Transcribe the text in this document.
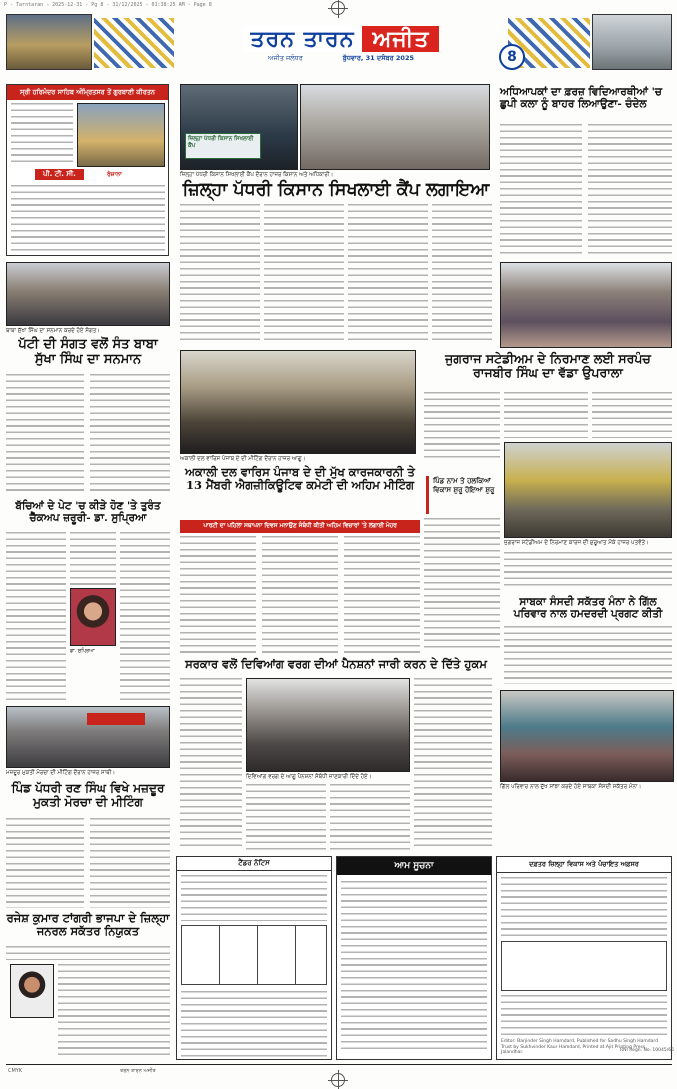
P - Tarntaran - 2025-12-31 - Pg 8 - 31/12/2025 - 01:38:25 AM - Page 8
ਤਰਨ ਤਾਰਨ ਅਜੀਤ
ਅਜੀਤ ਜਲੰਧਰ	ਬੁੱਧਵਾਰ, 31 ਦਸੰਬਰ 2025	8
ਸ੍ਰੀ ਹਰਿਮੰਦਰ ਸਾਹਿਬ ਅੰਮ੍ਰਿਤਸਰ ਤੋਂ ਗੁਰਬਾਣੀ ਕੀਰਤਨ
ਪੀ. ਟੀ. ਸੀ.	ਰੋਜ਼ਾਨਾ
ਜ਼ਿਲ੍ਹਾ ਪੱਧਰੀ ਕਿਸਾਨ ਸਿਖਲਾਈ ਕੈਂਪ
ਜ਼ਿਲ੍ਹਾ ਪੱਧਰੀ ਕਿਸਾਨ ਸਿਖਲਾਈ ਕੈਂਪ ਦੌਰਾਨ ਹਾਜ਼ਰ ਕਿਸਾਨ ਅਤੇ ਅਧਿਕਾਰੀ।
ਜ਼ਿਲ੍ਹਾ ਪੱਧਰੀ ਕਿਸਾਨ ਸਿਖਲਾਈ ਕੈਂਪ ਲਗਾਇਆ
ਅਧਿਆਪਕਾਂ ਦਾ ਫ਼ਰਜ਼ ਵਿਦਿਆਰਥੀਆਂ 'ਚ ਛੁਪੀ ਕਲਾ ਨੂੰ ਬਾਹਰ ਲਿਆਉਣਾ- ਚੰਦੇਲ
ਬਾਬਾ ਸੁੱਖਾ ਸਿੰਘ ਦਾ ਸਨਮਾਨ ਕਰਦੇ ਹੋਏ ਸੰਗਤ।
ਪੱਟੀ ਦੀ ਸੰਗਤ ਵਲੋਂ ਸੰਤ ਬਾਬਾ ਸੁੱਖਾ ਸਿੰਘ ਦਾ ਸਨਮਾਨ
ਬੱਚਿਆਂ ਦੇ ਪੇਟ 'ਚ ਕੀੜੇ ਹੋਣ 'ਤੇ ਤੁਰੰਤ ਚੈੱਕਅਪ ਜ਼ਰੂਰੀ- ਡਾ. ਸੁਪ੍ਰਿਆ
ਡਾ. ਸੁਪ੍ਰਿਆ
ਮਜ਼ਦੂਰ ਮੁਕਤੀ ਮੋਰਚਾ ਦੀ ਮੀਟਿੰਗ ਦੌਰਾਨ ਹਾਜ਼ਰ ਸਾਥੀ।
ਪਿੰਡ ਪੱਧਰੀ ਰਣ ਸਿੰਘ ਵਿਖੇ ਮਜ਼ਦੂਰ ਮੁਕਤੀ ਮੋਰਚਾ ਦੀ ਮੀਟਿੰਗ
ਰਜੇਸ਼ ਕੁਮਾਰ ਟਾਂਗਰੀ ਭਾਜਪਾ ਦੇ ਜ਼ਿਲ੍ਹਾ ਜਨਰਲ ਸਕੱਤਰ ਨਿਯੁਕਤ
ਅਕਾਲੀ ਦਲ ਵਾਰਿਸ ਪੰਜਾਬ ਦੇ ਦੀ ਮੀਟਿੰਗ ਦੌਰਾਨ ਹਾਜ਼ਰ ਆਗੂ।
ਅਕਾਲੀ ਦਲ ਵਾਰਿਸ ਪੰਜਾਬ ਦੇ ਦੀ ਮੁੱਖ ਕਾਰਜਕਾਰਨੀ ਤੇ 13 ਮੈਂਬਰੀ ਐਗਜ਼ੀਕਿਊਟਿਵ ਕਮੇਟੀ ਦੀ ਅਹਿਮ ਮੀਟਿੰਗ
ਪਾਰਟੀ ਦਾ ਪਹਿਲਾ ਸਥਾਪਨਾ ਦਿਵਸ ਮਨਾਉਣ ਸੰਬੰਧੀ ਕੀਤੀ ਅਹਿਮ ਵਿਚਾਰਾਂ 'ਤੇ ਲਗਾਈ ਮੋਹਰ
ਸਰਕਾਰ ਵਲੋਂ ਦਿਵਿਆਂਗ ਵਰਗ ਦੀਆਂ ਪੈਨਸ਼ਨਾਂ ਜਾਰੀ ਕਰਨ ਦੇ ਦਿੱਤੇ ਹੁਕਮ
ਦਿਵਿਆਂਗ ਵਰਗ ਦੇ ਆਗੂ ਪੈਨਸ਼ਨਾਂ ਸੰਬੰਧੀ ਜਾਣਕਾਰੀ ਦਿੰਦੇ ਹੋਏ।
ਜੁਗਰਾਜ ਸਟੇਡੀਅਮ ਦੇ ਨਿਰਮਾਣ ਲਈ ਸਰਪੰਚ ਰਾਜਬੀਰ ਸਿੰਘ ਦਾ ਵੱਡਾ ਉਪਰਾਲਾ
ਪਿੰਡ ਨਾਮ ਤੇ ਹਲਕਿਆਂ ਵਿਕਾਸ ਸ਼ੁਰੂ ਹੋਇਆ ਸ਼ੁਰੂ
ਜੁਗਰਾਜ ਸਟੇਡੀਅਮ ਦੇ ਨਿਰਮਾਣ ਕਾਰਜ ਦੀ ਸ਼ੁਰੂਆਤ ਮੌਕੇ ਹਾਜ਼ਰ ਪਤਵੰਤੇ।
ਸਾਬਕਾ ਸੰਸਦੀ ਸਕੱਤਰ ਮੰਨਾ ਨੇ ਗਿੱਲ ਪਰਿਵਾਰ ਨਾਲ ਹਮਦਰਦੀ ਪ੍ਰਗਟ ਕੀਤੀ
ਗਿੱਲ ਪਰਿਵਾਰ ਨਾਲ ਦੁੱਖ ਸਾਂਝਾ ਕਰਦੇ ਹੋਏ ਸਾਬਕਾ ਸੰਸਦੀ ਸਕੱਤਰ ਮੰਨਾ।
ਟੈਂਡਰ ਨੋਟਿਸ	ਆਮ ਸੂਚਨਾ	ਦਫ਼ਤਰ ਜ਼ਿਲ੍ਹਾ ਵਿਕਾਸ ਅਤੇ ਪੰਚਾਇਤ ਅਫ਼ਸਰ
Editor: Barjinder Singh Hamdard, Published for Sadhu Singh Hamdard Trust by Sukhvinder Kaur Hamdard, Printed at Ajit Printing Press, Jalandhar.	RNI Regn. No. 10045/65
CMYK	ਤਰਨ ਤਾਰਨ ਅਜੀਤ
